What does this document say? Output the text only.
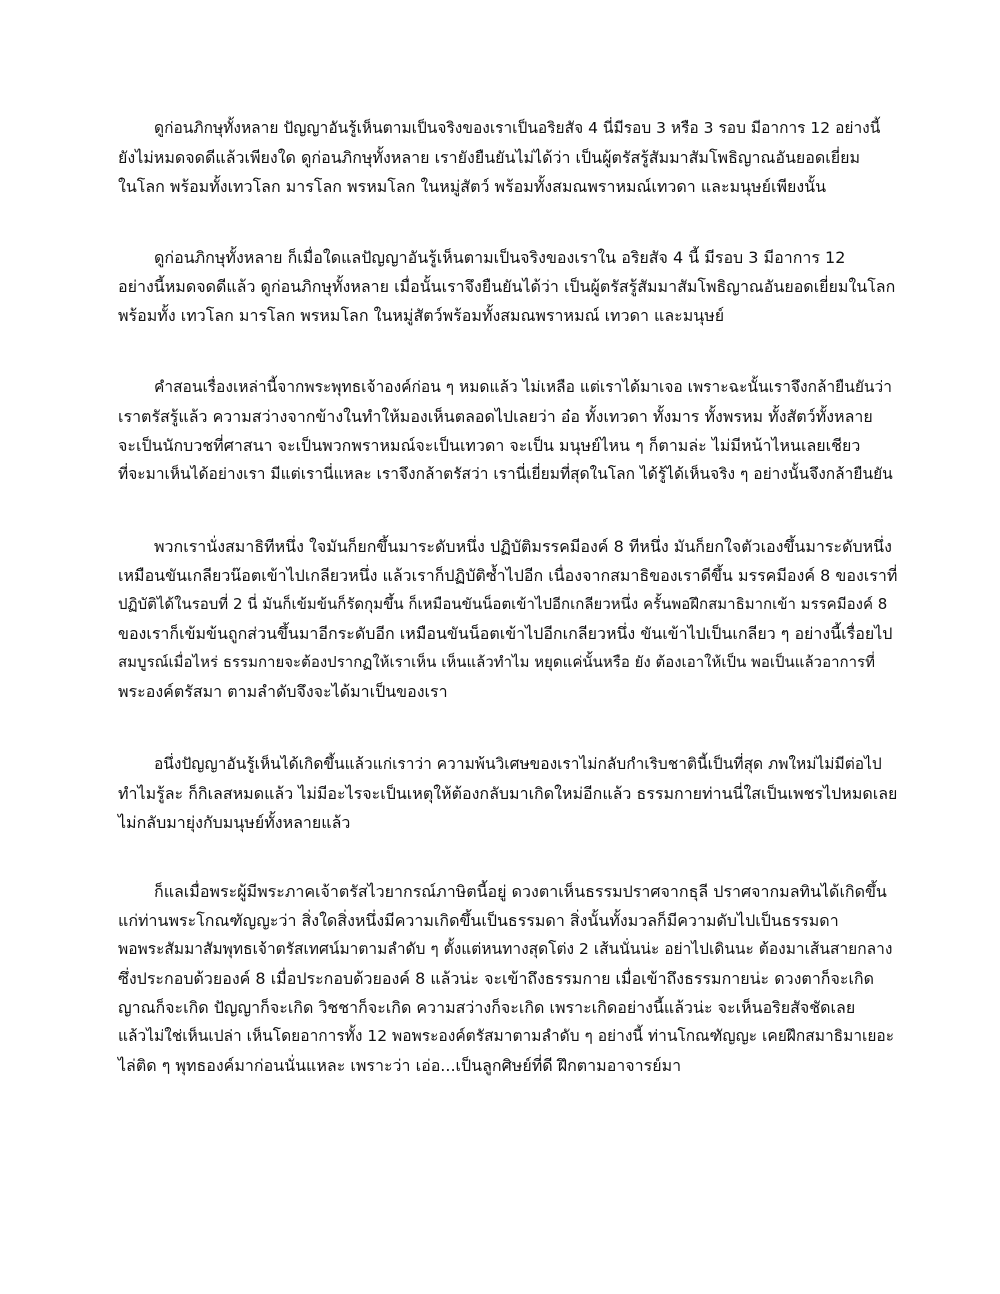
ดูก่อนภิกษุทั้งหลาย ปัญญาอันรู้เห็นตามเป็นจริงของเราเป็นอริยสัจ 4 นี่มีรอบ 3 หรือ 3 รอบ มีอาการ 12 อย่างนี้
ยังไม่หมดจดดีแล้วเพียงใด ดูก่อนภิกษุทั้งหลาย เรายังยืนยันไม่ได้ว่า เป็นผู้ตรัสรู้สัมมาสัมโพธิญาณอันยอดเยี่ยม
ในโลก พร้อมทั้งเทวโลก มารโลก พรหมโลก ในหมู่สัตว์ พร้อมทั้งสมณพราหมณ์เทวดา และมนุษย์เพียงนั้น
ดูก่อนภิกษุทั้งหลาย ก็เมื่อใดแลปัญญาอันรู้เห็นตามเป็นจริงของเราใน อริยสัจ 4 นี้ มีรอบ 3 มีอาการ 12
อย่างนี้หมดจดดีแล้ว ดูก่อนภิกษุทั้งหลาย เมื่อนั้นเราจึงยืนยันได้ว่า เป็นผู้ตรัสรู้สัมมาสัมโพธิญาณอันยอดเยี่ยมในโลก
พร้อมทั้ง เทวโลก มารโลก พรหมโลก ในหมู่สัตว์พร้อมทั้งสมณพราหมณ์ เทวดา และมนุษย์
คำสอนเรื่องเหล่านี้จากพระพุทธเจ้าองค์ก่อน ๆ หมดแล้ว ไม่เหลือ แต่เราได้มาเจอ เพราะฉะนั้นเราจึงกล้ายืนยันว่า
เราตรัสรู้แล้ว ความสว่างจากข้างในทำให้มองเห็นตลอดไปเลยว่า อ๋อ ทั้งเทวดา ทั้งมาร ทั้งพรหม ทั้งสัตว์ทั้งหลาย
จะเป็นนักบวชที่ศาสนา จะเป็นพวกพราหมณ์จะเป็นเทวดา จะเป็น มนุษย์ไหน ๆ ก็ตามล่ะ ไม่มีหน้าไหนเลยเชียว
ที่จะมาเห็นได้อย่างเรา มีแต่เรานี่แหละ เราจึงกล้าตรัสว่า เรานี่เยี่ยมที่สุดในโลก ได้รู้ได้เห็นจริง ๆ อย่างนั้นจึงกล้ายืนยัน
พวกเรานั่งสมาธิทีหนึ่ง ใจมันก็ยกขึ้นมาระดับหนึ่ง ปฏิบัติมรรคมีองค์ 8 ทีหนึ่ง มันก็ยกใจตัวเองขึ้นมาระดับหนึ่ง
เหมือนขันเกลียวน๊อตเข้าไปเกลียวหนึ่ง แล้วเราก็ปฏิบัติซ้ำไปอีก เนื่องจากสมาธิของเราดีขึ้น มรรคมีองค์ 8 ของเราที่
ปฏิบัติได้ในรอบที่ 2 นี่ มันก็เข้มข้นก็รัดกุมขึ้น ก็เหมือนขันน็อตเข้าไปอีกเกลียวหนึ่ง ครั้นพอฝึกสมาธิมากเข้า มรรคมีองค์ 8
ของเราก็เข้มข้นถูกส่วนขึ้นมาอีกระดับอีก เหมือนขันน็อตเข้าไปอีกเกลียวหนึ่ง ขันเข้าไปเป็นเกลียว ๆ อย่างนี้เรื่อยไป
สมบูรณ์เมื่อไหร่ ธรรมกายจะต้องปรากฏให้เราเห็น เห็นแล้วทำไม หยุดแค่นั้นหรือ ยัง ต้องเอาให้เป็น พอเป็นแล้วอาการที่
พระองค์ตรัสมา ตามลำดับจึงจะได้มาเป็นของเรา
อนึ่งปัญญาอันรู้เห็นได้เกิดขึ้นแล้วแก่เราว่า ความพ้นวิเศษของเราไม่กลับกำเริบชาตินี้เป็นที่สุด ภพใหม่ไม่มีต่อไป
ทำไมรู้ละ ก็กิเลสหมดแล้ว ไม่มีอะไรจะเป็นเหตุให้ต้องกลับมาเกิดใหม่อีกแล้ว ธรรมกายท่านนี่ใสเป็นเพชรไปหมดเลย
ไม่กลับมายุ่งกับมนุษย์ทั้งหลายแล้ว
ก็แลเมื่อพระผู้มีพระภาคเจ้าตรัสไวยากรณ์ภาษิตนี้อยู่ ดวงตาเห็นธรรมปราศจากธุลี ปราศจากมลทินได้เกิดขึ้น
แก่ท่านพระโกณฑัญญะว่า สิ่งใดสิ่งหนึ่งมีความเกิดขึ้นเป็นธรรมดา สิ่งนั้นทั้งมวลก็มีความดับไปเป็นธรรมดา
พอพระสัมมาสัมพุทธเจ้าตรัสเทศน์มาตามลำดับ ๆ ตั้งแต่หนทางสุดโต่ง 2 เส้นนั่นน่ะ อย่าไปเดินนะ ต้องมาเส้นสายกลาง
ซึ่งประกอบด้วยองค์ 8 เมื่อประกอบด้วยองค์ 8 แล้วน่ะ จะเข้าถึงธรรมกาย เมื่อเข้าถึงธรรมกายน่ะ ดวงตาก็จะเกิด
ญาณก็จะเกิด ปัญญาก็จะเกิด วิชชาก็จะเกิด ความสว่างก็จะเกิด เพราะเกิดอย่างนี้แล้วน่ะ จะเห็นอริยสัจชัดเลย
แล้วไม่ใช่เห็นเปล่า เห็นโดยอาการทั้ง 12 พอพระองค์ตรัสมาตามลำดับ ๆ อย่างนี้ ท่านโกณฑัญญะ เคยฝึกสมาธิมาเยอะ
ไล่ติด ๆ พุทธองค์มาก่อนนั่นแหละ เพราะว่า เอ่อ...เป็นลูกศิษย์ที่ดี ฝึกตามอาจารย์มา
